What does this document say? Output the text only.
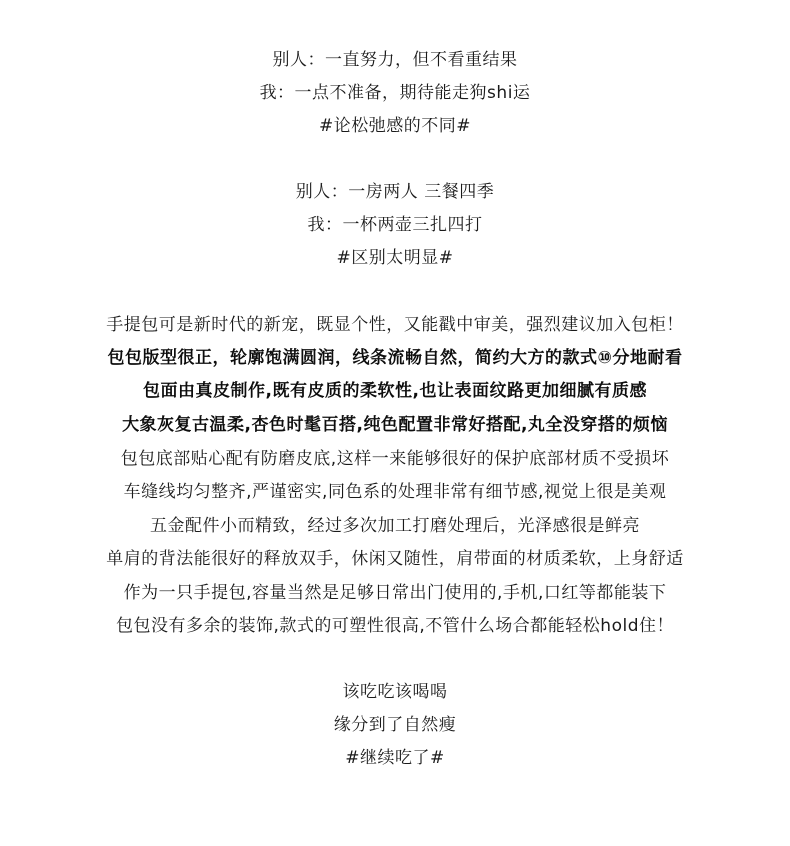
别人：一直努力，但不看重结果
我：一点不准备，期待能走狗shi运
#论松弛感的不同#
别人：一房两人 三餐四季
我：一杯两壶三扎四打
#区别太明显#
手提包可是新时代的新宠，既显个性，又能戳中审美，强烈建议加入包柜！
包包版型很正，轮廓饱满圆润，线条流畅自然，简约大方的款式⑩分地耐看
包面由真皮制作,既有皮质的柔软性,也让表面纹路更加细腻有质感
大象灰复古温柔,杏色时髦百搭,纯色配置非常好搭配,丸全没穿搭的烦恼
包包底部贴心配有防磨皮底,这样一来能够很好的保护底部材质不受损坏
车缝线均匀整齐,严谨密实,同色系的处理非常有细节感,视觉上很是美观
五金配件小而精致，经过多次加工打磨处理后，光泽感很是鲜亮
单肩的背法能很好的释放双手，休闲又随性，肩带面的材质柔软，上身舒适
作为一只手提包,容量当然是足够日常出门使用的,手机,口红等都能装下
包包没有多余的装饰,款式的可塑性很高,不管什么场合都能轻松hold住！
该吃吃该喝喝
缘分到了自然瘦
#继续吃了#
